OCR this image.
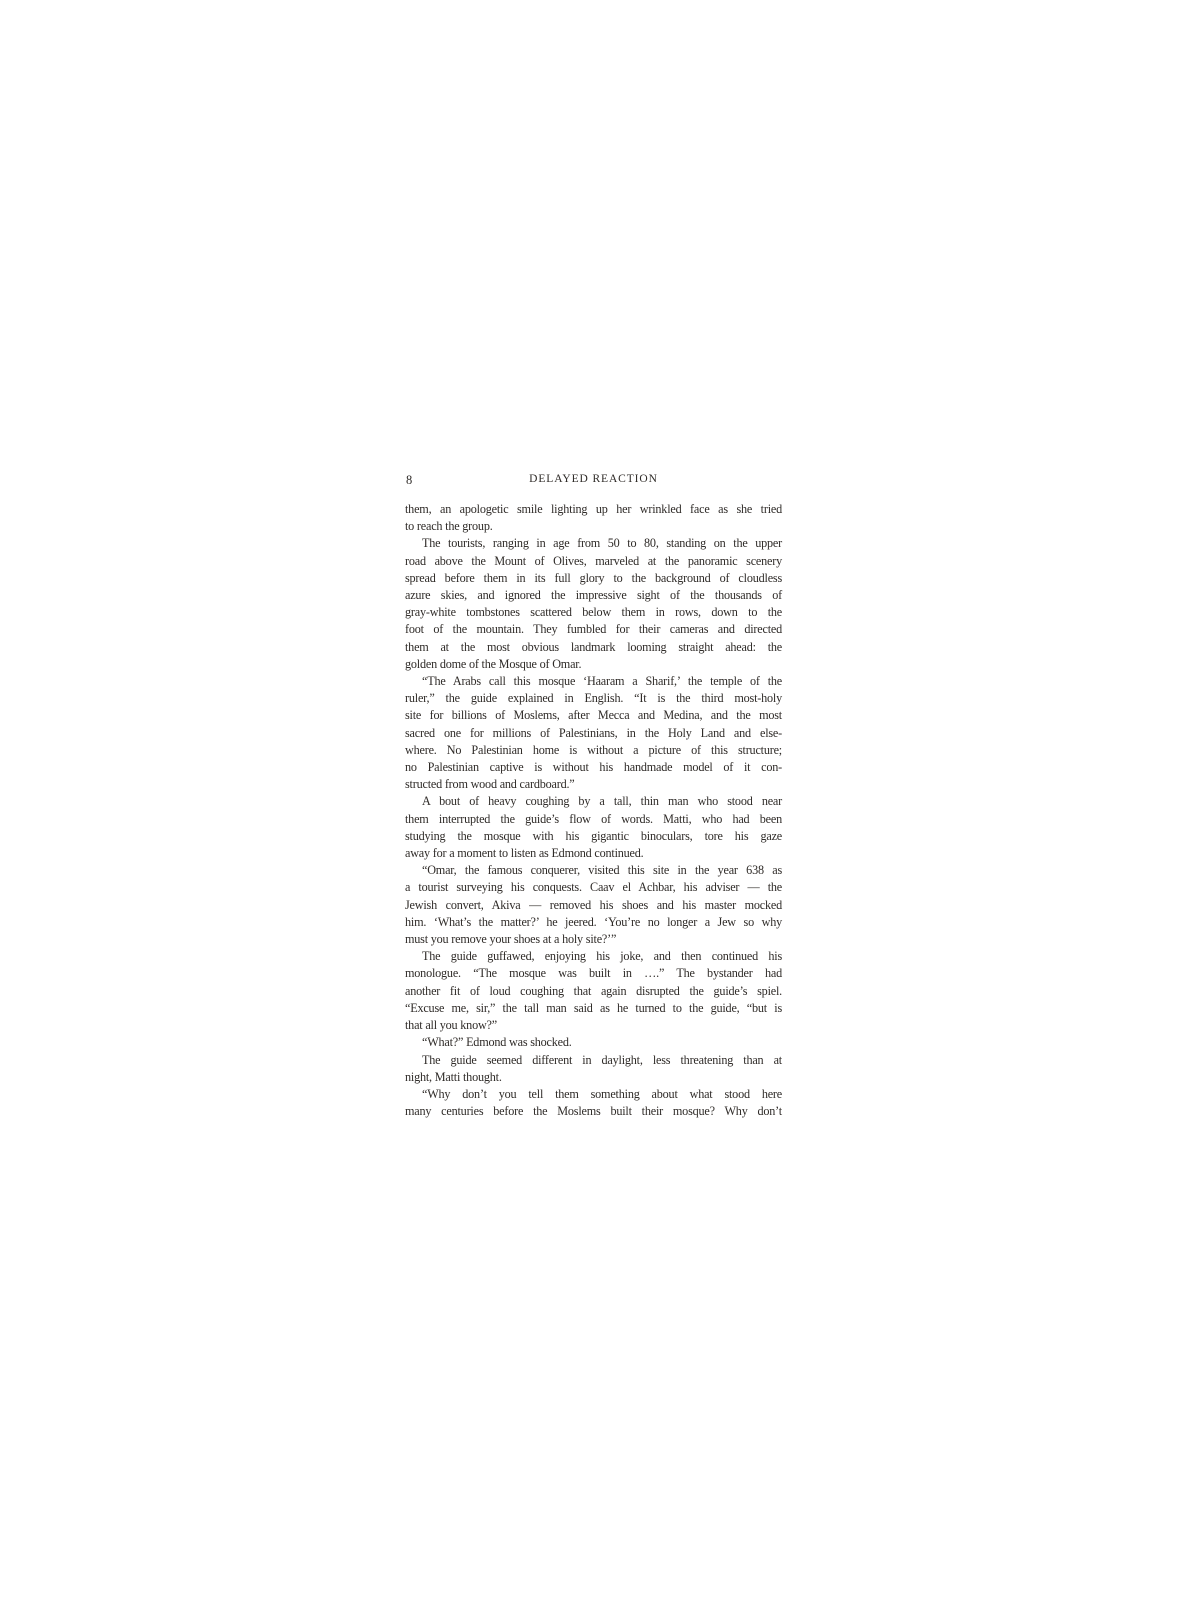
8	DELAYED REACTION
them, an apologetic smile lighting up her wrinkled face as she tried
to reach the group.
The tourists, ranging in age from 50 to 80, standing on the upper
road above the Mount of Olives, marveled at the panoramic scenery
spread before them in its full glory to the background of cloudless
azure skies, and ignored the impressive sight of the thousands of
gray-white tombstones scattered below them in rows, down to the
foot of the mountain. They fumbled for their cameras and directed
them at the most obvious landmark looming straight ahead: the
golden dome of the Mosque of Omar.
“The Arabs call this mosque ‘Haaram a Sharif,’ the temple of the
ruler,” the guide explained in English. “It is the third most-holy
site for billions of Moslems, after Mecca and Medina, and the most
sacred one for millions of Palestinians, in the Holy Land and else-
where. No Palestinian home is without a picture of this structure;
no Palestinian captive is without his handmade model of it con-
structed from wood and cardboard.”
A bout of heavy coughing by a tall, thin man who stood near
them interrupted the guide’s flow of words. Matti, who had been
studying the mosque with his gigantic binoculars, tore his gaze
away for a moment to listen as Edmond continued.
“Omar, the famous conquerer, visited this site in the year 638 as
a tourist surveying his conquests. Caav el Achbar, his adviser — the
Jewish convert, Akiva — removed his shoes and his master mocked
him. ‘What’s the matter?’ he jeered. ‘You’re no longer a Jew so why
must you remove your shoes at a holy site?’”
The guide guffawed, enjoying his joke, and then continued his
monologue. “The mosque was built in ….” The bystander had
another fit of loud coughing that again disrupted the guide’s spiel.
“Excuse me, sir,” the tall man said as he turned to the guide, “but is
that all you know?”
“What?” Edmond was shocked.
The guide seemed different in daylight, less threatening than at
night, Matti thought.
“Why don’t you tell them something about what stood here
many centuries before the Moslems built their mosque? Why don’t
